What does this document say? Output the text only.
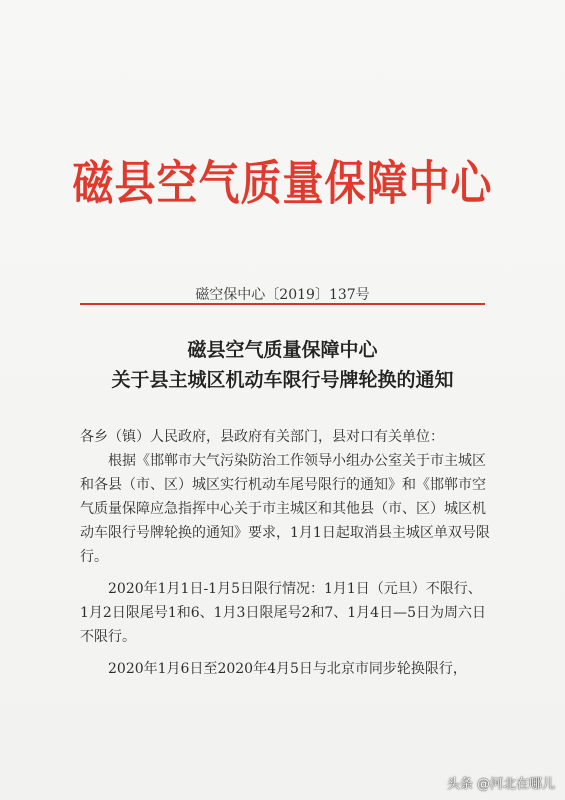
磁县空气质量保障中心
磁空保中心〔2019〕137号
磁县空气质量保障中心
关于县主城区机动车限行号牌轮换的通知

各乡（镇）人民政府，县政府有关部门，县对口有关单位：

根据《邯郸市大气污染防治工作领导小组办公室关于市主城区和各县（市、区）城区实行机动车尾号限行的通知》和《邯郸市空气质量保障应急指挥中心关于市主城区和其他县（市、区）城区机动车限行号牌轮换的通知》要求，1月1日起取消县主城区单双号限行。

2020年1月1日-1月5日限行情况：1月1日（元旦）不限行、1月2日限尾号1和6、1月3日限尾号2和7、1月4日—5日为周六日不限行。

2020年1月6日至2020年4月5日与北京市同步轮换限行，

头条 @河北在哪儿
